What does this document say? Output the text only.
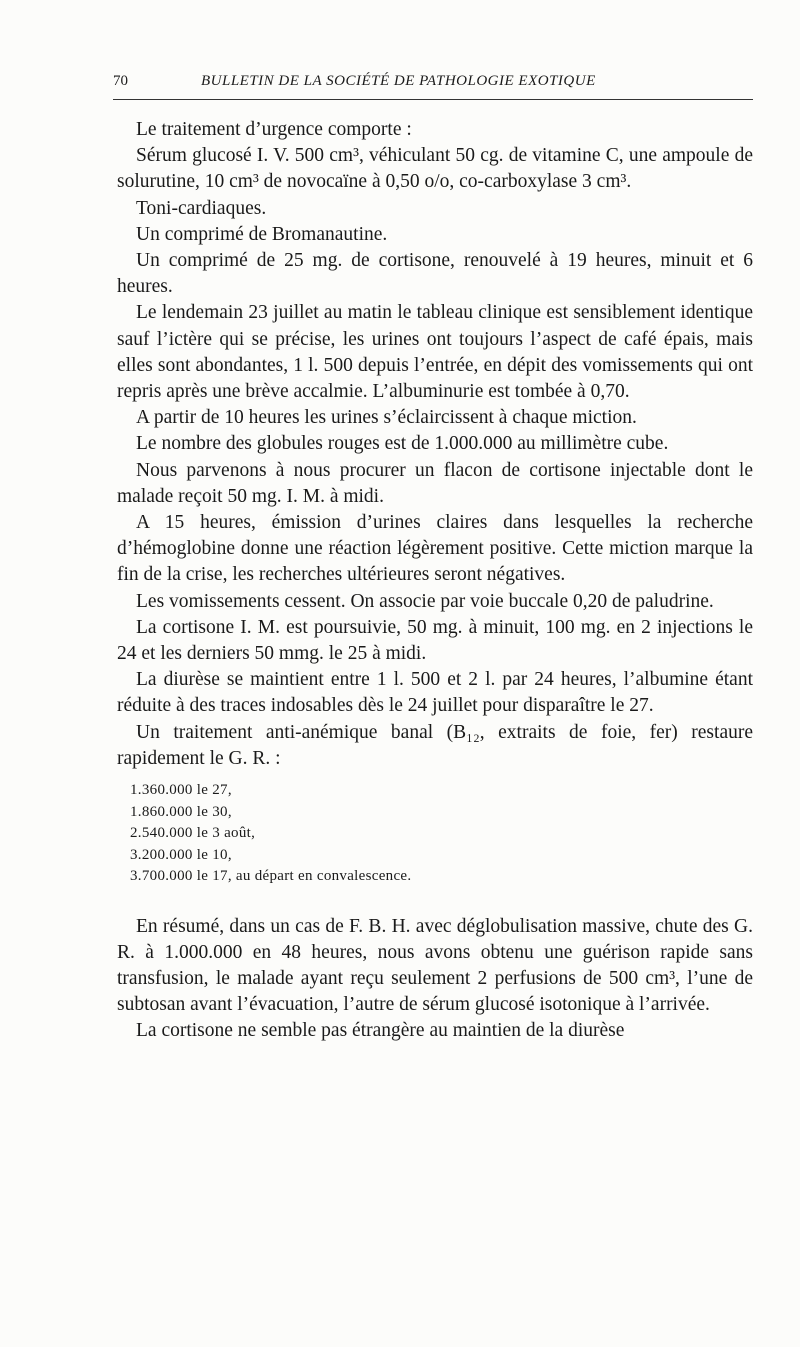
70	BULLETIN DE LA SOCIÉTÉ DE PATHOLOGIE EXOTIQUE

Le traitement d’urgence comporte :

Sérum glucosé I. V. 500 cm³, véhiculant 50 cg. de vitamine C, une ampoule de solurutine, 10 cm³ de novocaïne à 0,50 o/o, co-carboxylase 3 cm³.

Toni-cardiaques.

Un comprimé de Bromanautine.

Un comprimé de 25 mg. de cortisone, renouvelé à 19 heures, minuit et 6 heures.

Le lendemain 23 juillet au matin le tableau clinique est sensiblement identique sauf l’ictère qui se précise, les urines ont toujours l’aspect de café épais, mais elles sont abondantes, 1 l. 500 depuis l’entrée, en dépit des vomissements qui ont repris après une brève accalmie. L’albuminurie est tombée à 0,70.

A partir de 10 heures les urines s’éclaircissent à chaque miction.

Le nombre des globules rouges est de 1.000.000 au millimètre cube.

Nous parvenons à nous procurer un flacon de cortisone injectable dont le malade reçoit 50 mg. I. M. à midi.

A 15 heures, émission d’urines claires dans lesquelles la recherche d’hémoglobine donne une réaction légèrement positive. Cette miction marque la fin de la crise, les recherches ultérieures seront négatives.

Les vomissements cessent. On associe par voie buccale 0,20 de paludrine.

La cortisone I. M. est poursuivie, 50 mg. à minuit, 100 mg. en 2 injections le 24 et les derniers 50 mmg. le 25 à midi.

La diurèse se maintient entre 1 l. 500 et 2 l. par 24 heures, l’albumine étant réduite à des traces indosables dès le 24 juillet pour disparaître le 27.

Un traitement anti-anémique banal (B₁₂, extraits de foie, fer) restaure rapidement le G. R. :

1.360.000 le 27,
1.860.000 le 30,
2.540.000 le 3 août,
3.200.000 le 10,
3.700.000 le 17, au départ en convalescence.

En résumé, dans un cas de F. B. H. avec déglobulisation massive, chute des G. R. à 1.000.000 en 48 heures, nous avons obtenu une guérison rapide sans transfusion, le malade ayant reçu seulement 2 perfusions de 500 cm³, l’une de subtosan avant l’évacuation, l’autre de sérum glucosé isotonique à l’arrivée.

La cortisone ne semble pas étrangère au maintien de la diurèse
